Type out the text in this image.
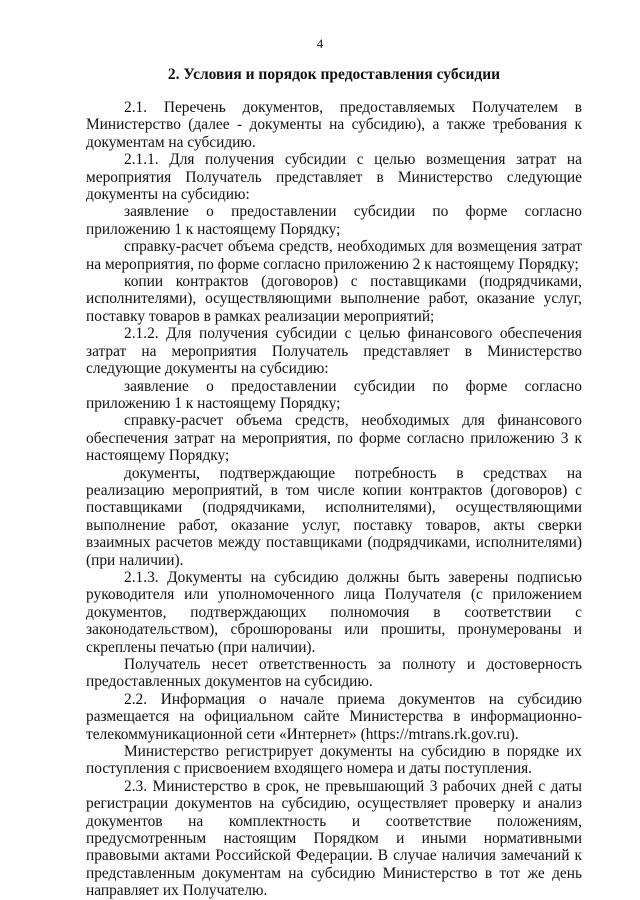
4
2. Условия и порядок предоставления субсидии

2.1. Перечень документов, предоставляемых Получателем в Министерство (далее - документы на субсидию), а также требования к документам на субсидию.

2.1.1. Для получения субсидии с целью возмещения затрат на мероприятия Получатель представляет в Министерство следующие документы на субсидию:

заявление о предоставлении субсидии по форме согласно приложению 1 к настоящему Порядку;

справку-расчет объема средств, необходимых для возмещения затрат на мероприятия, по форме согласно приложению 2 к настоящему Порядку;

копии контрактов (договоров) с поставщиками (подрядчиками, исполнителями), осуществляющими выполнение работ, оказание услуг, поставку товаров в рамках реализации мероприятий;

2.1.2. Для получения субсидии с целью финансового обеспечения затрат на мероприятия Получатель представляет в Министерство следующие документы на субсидию:

заявление о предоставлении субсидии по форме согласно приложению 1 к настоящему Порядку;

справку-расчет объема средств, необходимых для финансового обеспечения затрат на мероприятия, по форме согласно приложению 3 к настоящему Порядку;

документы, подтверждающие потребность в средствах на реализацию мероприятий, в том числе копии контрактов (договоров) с поставщиками (подрядчиками, исполнителями), осуществляющими выполнение работ, оказание услуг, поставку товаров, акты сверки взаимных расчетов между поставщиками (подрядчиками, исполнителями) (при наличии).

2.1.3. Документы на субсидию должны быть заверены подписью руководителя или уполномоченного лица Получателя (с приложением документов, подтверждающих полномочия в соответствии с законодательством), сброшюрованы или прошиты, пронумерованы и скреплены печатью (при наличии).

Получатель несет ответственность за полноту и достоверность предоставленных документов на субсидию.

2.2. Информация о начале приема документов на субсидию размещается на официальном сайте Министерства в информационно-телекоммуникационной сети «Интернет» (https://mtrans.rk.gov.ru).

Министерство регистрирует документы на субсидию в порядке их поступления с присвоением входящего номера и даты поступления.

2.3. Министерство в срок, не превышающий 3 рабочих дней с даты регистрации документов на субсидию, осуществляет проверку и анализ документов на комплектность и соответствие положениям, предусмотренным настоящим Порядком и иными нормативными правовыми актами Российской Федерации. В случае наличия замечаний к представленным документам на субсидию Министерство в тот же день направляет их Получателю.
